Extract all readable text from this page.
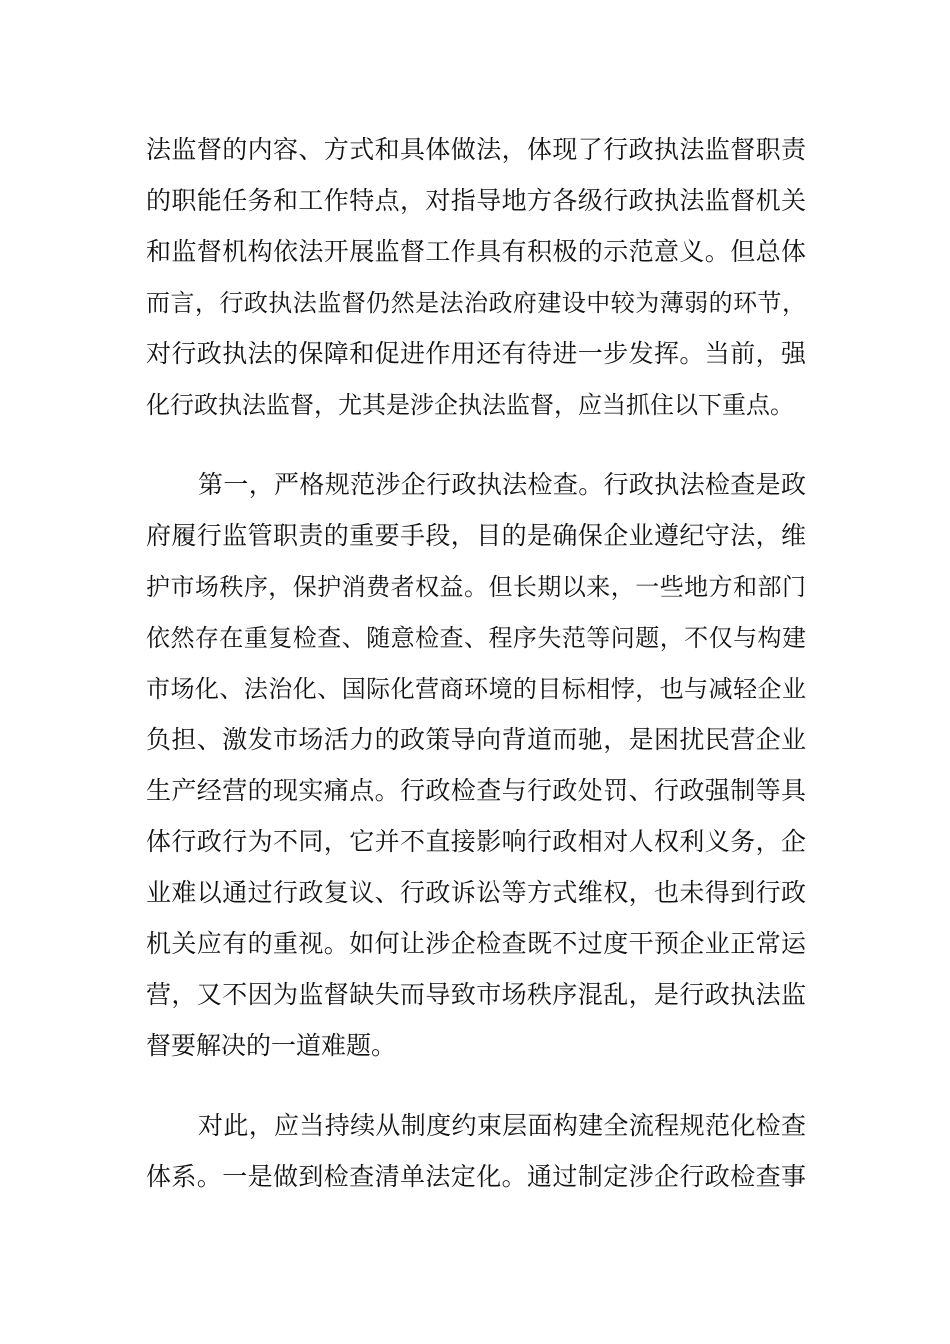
法监督的内容、方式和具体做法，体现了行政执法监督职责
的职能任务和工作特点，对指导地方各级行政执法监督机关
和监督机构依法开展监督工作具有积极的示范意义。但总体
而言，行政执法监督仍然是法治政府建设中较为薄弱的环节，
对行政执法的保障和促进作用还有待进一步发挥。当前，强
化行政执法监督，尤其是涉企执法监督，应当抓住以下重点。
第一，严格规范涉企行政执法检查。行政执法检查是政
府履行监管职责的重要手段，目的是确保企业遵纪守法，维
护市场秩序，保护消费者权益。但长期以来，一些地方和部门
依然存在重复检查、随意检查、程序失范等问题，不仅与构建
市场化、法治化、国际化营商环境的目标相悖，也与减轻企业
负担、激发市场活力的政策导向背道而驰，是困扰民营企业
生产经营的现实痛点。行政检查与行政处罚、行政强制等具
体行政行为不同，它并不直接影响行政相对人权利义务，企
业难以通过行政复议、行政诉讼等方式维权，也未得到行政
机关应有的重视。如何让涉企检查既不过度干预企业正常运
营，又不因为监督缺失而导致市场秩序混乱，是行政执法监
督要解决的一道难题。
对此，应当持续从制度约束层面构建全流程规范化检查
体系。一是做到检查清单法定化。通过制定涉企行政检查事
